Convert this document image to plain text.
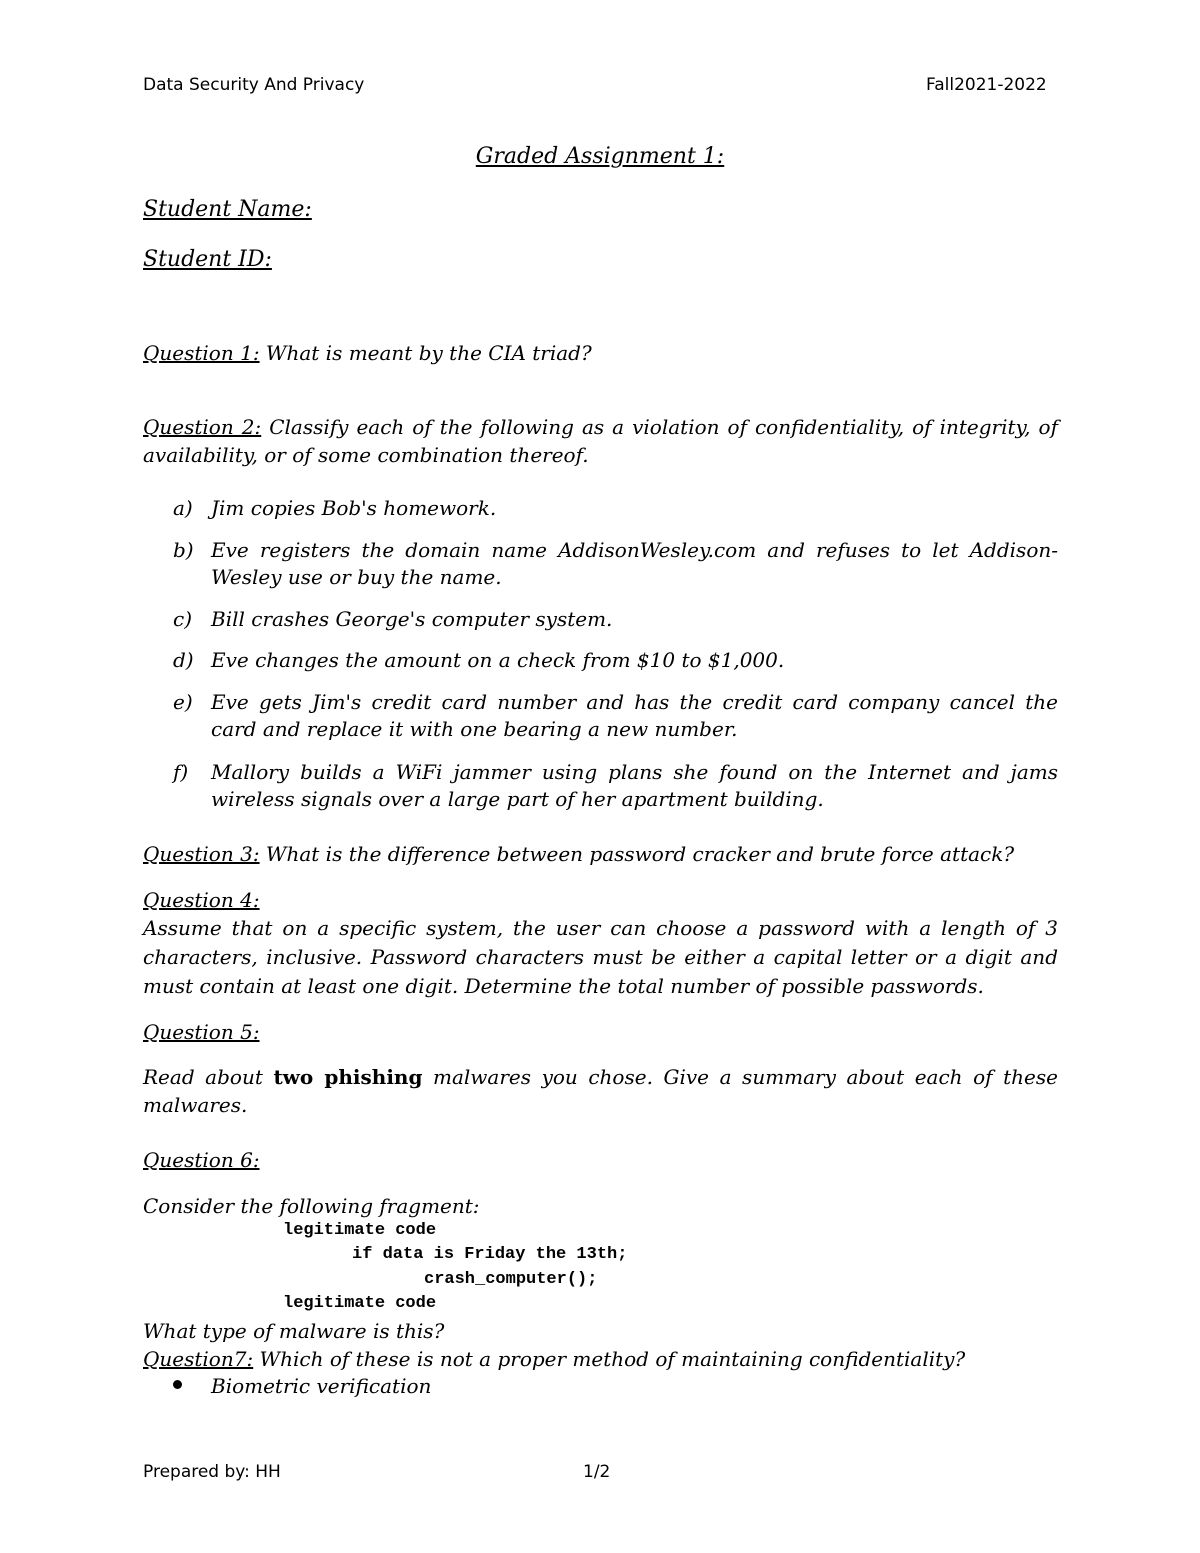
Data Security And Privacy	Fall2021-2022
Graded Assignment 1:
Student Name:
Student ID:
Question 1: What is meant by the CIA triad?
Question 2: Classify each of the following as a violation of confidentiality, of integrity, of availability, or of some combination thereof.
a) Jim copies Bob's homework.
b) Eve registers the domain name AddisonWesley.com and refuses to let Addison-Wesley use or buy the name.
c) Bill crashes George's computer system.
d) Eve changes the amount on a check from $10 to $1,000.
e) Eve gets Jim's credit card number and has the credit card company cancel the card and replace it with one bearing a new number.
f)	Mallory builds a WiFi jammer using plans she found on the Internet and jams wireless signals over a large part of her apartment building.
Question 3: What is the difference between password cracker and brute force attack?
Question 4:
Assume that on a specific system, the user can choose a password with a length of 3 characters, inclusive. Password characters must be either a capital letter or a digit and must contain at least one digit. Determine the total number of possible passwords.
Question 5:
Read about two phishing malwares you chose. Give a summary about each of these malwares.
Question 6:
Consider the following fragment:
legitimate code
if data is Friday the 13th;
crash_computer();
legitimate code
What type of malware is this?
Question7: Which of these is not a proper method of maintaining confidentiality?
Biometric verification
Prepared by: HH	1/2
